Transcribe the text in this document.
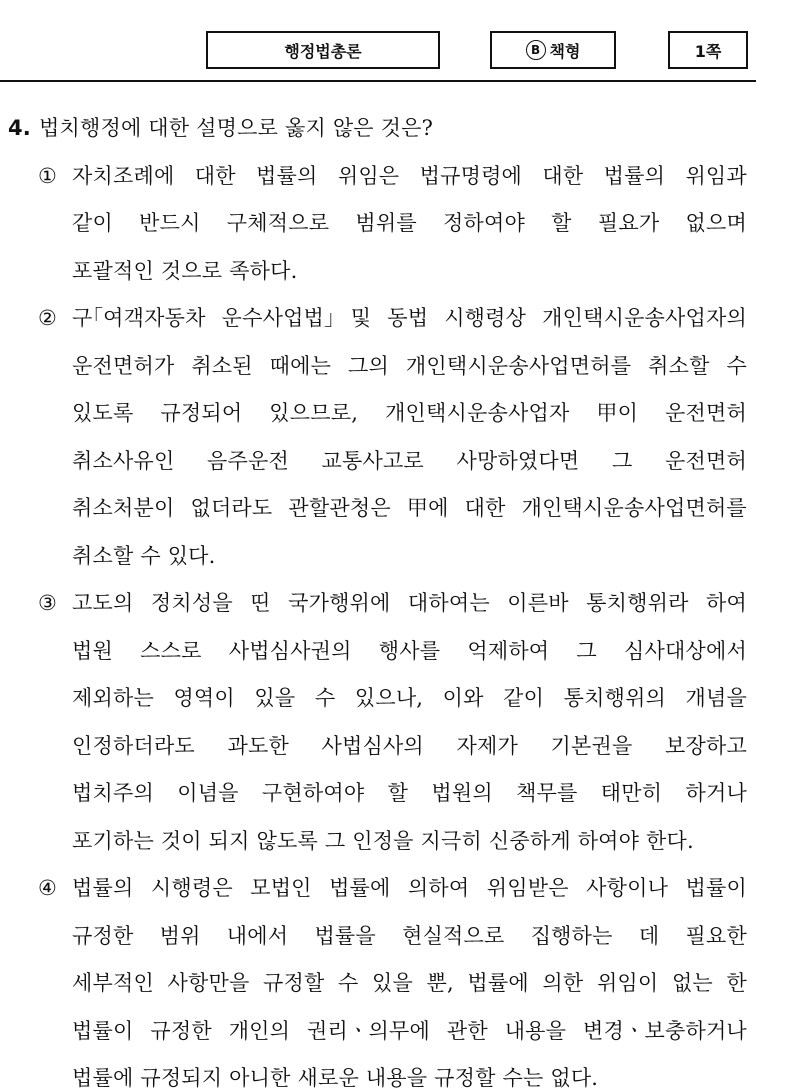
행정법총론	B 책형	1쪽
4. 법치행정에 대한 설명으로 옳지 않은 것은?
① 자치조례에 대한 법률의 위임은 법규명령에 대한 법률의 위임과
같이 반드시 구체적으로 범위를 정하여야 할 필요가 없으며
포괄적인 것으로 족하다.
② 구｢여객자동차 운수사업법｣ 및 동법 시행령상 개인택시운송사업자의
운전면허가 취소된 때에는 그의 개인택시운송사업면허를 취소할 수
있도록 규정되어 있으므로, 개인택시운송사업자 甲이 운전면허
취소사유인 음주운전 교통사고로 사망하였다면 그 운전면허
취소처분이 없더라도 관할관청은 甲에 대한 개인택시운송사업면허를
취소할 수 있다.
③ 고도의 정치성을 띤 국가행위에 대하여는 이른바 통치행위라 하여
법원 스스로 사법심사권의 행사를 억제하여 그 심사대상에서
제외하는 영역이 있을 수 있으나, 이와 같이 통치행위의 개념을
인정하더라도 과도한 사법심사의 자제가 기본권을 보장하고
법치주의 이념을 구현하여야 할 법원의 책무를 태만히 하거나
포기하는 것이 되지 않도록 그 인정을 지극히 신중하게 하여야 한다.
④ 법률의 시행령은 모법인 법률에 의하여 위임받은 사항이나 법률이
규정한 범위 내에서 법률을 현실적으로 집행하는 데 필요한
세부적인 사항만을 규정할 수 있을 뿐, 법률에 의한 위임이 없는 한
법률이 규정한 개인의 권리ㆍ의무에 관한 내용을 변경ㆍ보충하거나
법률에 규정되지 아니한 새로운 내용을 규정할 수는 없다.
